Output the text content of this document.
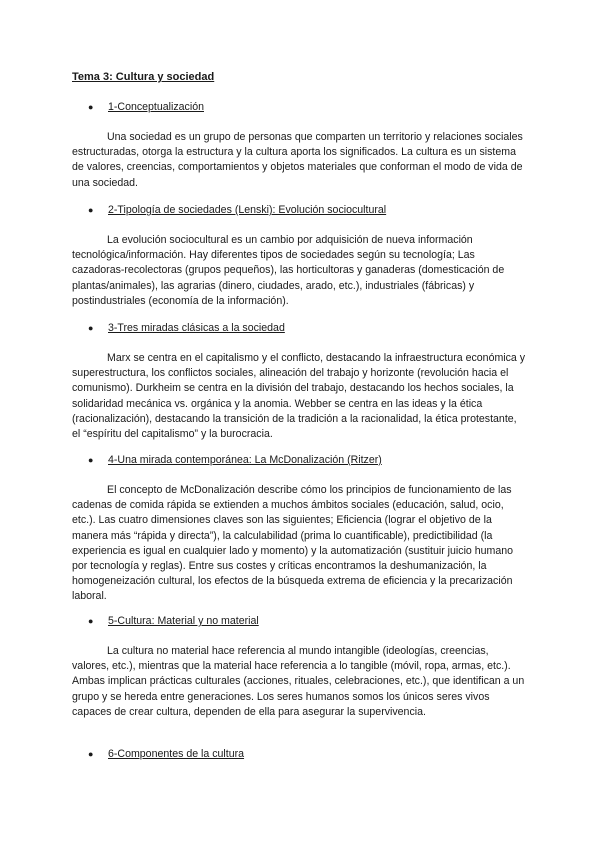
Tema 3: Cultura y sociedad
● 1-Conceptualización

Una sociedad es un grupo de personas que comparten un territorio y relaciones sociales estructuradas, otorga la estructura y la cultura aporta los significados. La cultura es un sistema de valores, creencias, comportamientos y objetos materiales que conforman el modo de vida de una sociedad.

● 2-Tipología de sociedades (Lenski): Evolución sociocultural

La evolución sociocultural es un cambio por adquisición de nueva información tecnológica/información. Hay diferentes tipos de sociedades según su tecnología; Las cazadoras-recolectoras (grupos pequeños), las horticultoras y ganaderas (domesticación de plantas/animales), las agrarias (dinero, ciudades, arado, etc.), industriales (fábricas) y postindustriales (economía de la información).

● 3-Tres miradas clásicas a la sociedad

Marx se centra en el capitalismo y el conflicto, destacando la infraestructura económica y superestructura, los conflictos sociales, alineación del trabajo y horizonte (revolución hacia el comunismo). Durkheim se centra en la división del trabajo, destacando los hechos sociales, la solidaridad mecánica vs. orgánica y la anomia. Webber se centra en las ideas y la ética (racionalización), destacando la transición de la tradición a la racionalidad, la ética protestante, el “espíritu del capitalismo” y la burocracia.

● 4-Una mirada contemporánea: La McDonalización (Ritzer)

El concepto de McDonalización describe cómo los principios de funcionamiento de las cadenas de comida rápida se extienden a muchos ámbitos sociales (educación, salud, ocio, etc.). Las cuatro dimensiones claves son las siguientes; Eficiencia (lograr el objetivo de la manera más “rápida y directa”), la calculabilidad (prima lo cuantificable), predictibilidad (la experiencia es igual en cualquier lado y momento) y la automatización (sustituir juicio humano por tecnología y reglas). Entre sus costes y críticas encontramos la deshumanización, la homogeneización cultural, los efectos de la búsqueda extrema de eficiencia y la precarización laboral.

● 5-Cultura: Material y no material

La cultura no material hace referencia al mundo intangible (ideologías, creencias, valores, etc.), mientras que la material hace referencia a lo tangible (móvil, ropa, armas, etc.). Ambas implican prácticas culturales (acciones, rituales, celebraciones, etc.), que identifican a un grupo y se hereda entre generaciones. Los seres humanos somos los únicos seres vivos capaces de crear cultura, dependen de ella para asegurar la supervivencia.

● 6-Componentes de la cultura
